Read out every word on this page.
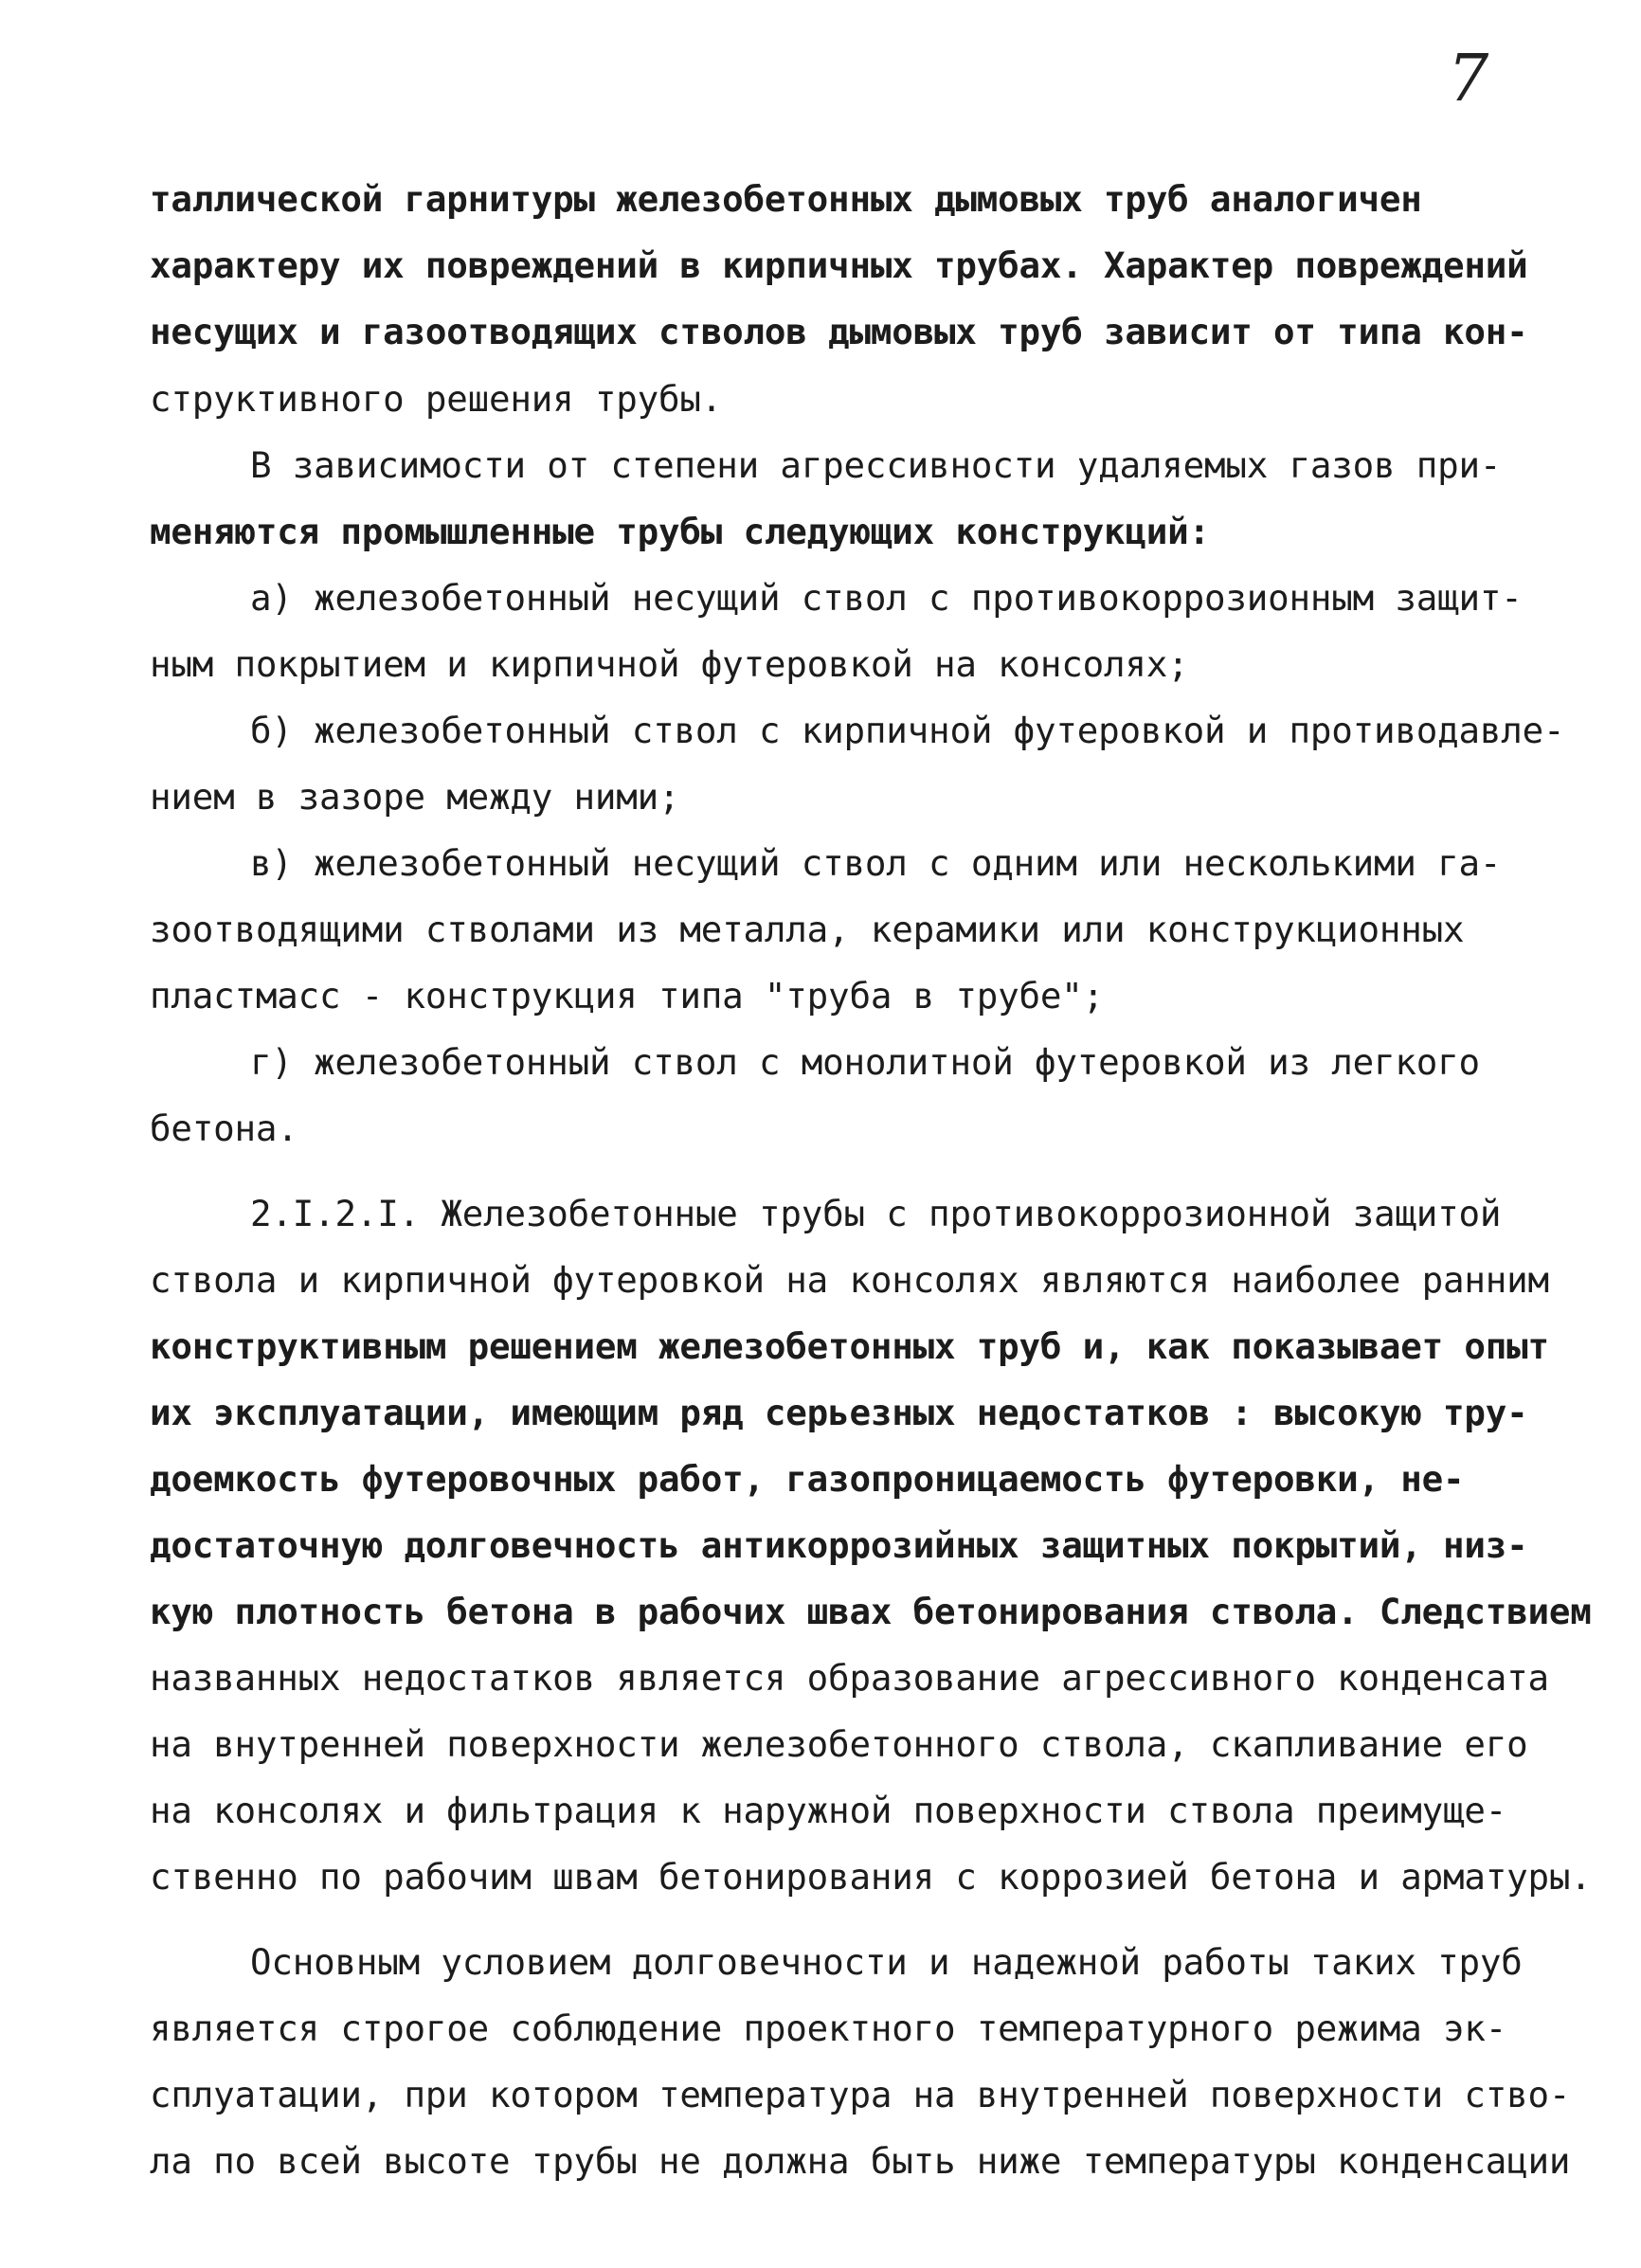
7
таллической гарнитуры железобетонных дымовых труб аналогичен
характеру их повреждений в кирпичных трубах. Характер повреждений
несущих и газоотводящих стволов дымовых труб зависит от типа кон-
структивного решения трубы.
В зависимости от степени агрессивности удаляемых газов при-
меняются промышленные трубы следующих конструкций:
а) железобетонный несущий ствол с противокоррозионным защит-
ным покрытием и кирпичной футеровкой на консолях;
б) железобетонный ствол с кирпичной футеровкой и противодавле-
нием в зазоре между ними;
в) железобетонный несущий ствол с одним или несколькими га-
зоотводящими стволами из металла, керамики или конструкционных
пластмасс - конструкция типа "труба в трубе";
г) железобетонный ствол с монолитной футеровкой из легкого
бетона.
2.I.2.I. Железобетонные трубы с противокоррозионной защитой
ствола и кирпичной футеровкой на консолях являются наиболее ранним
конструктивным решением железобетонных труб и, как показывает опыт
их эксплуатации, имеющим ряд серьезных недостатков : высокую тру-
доемкость футеровочных работ, газопроницаемость футеровки, не-
достаточную долговечность антикоррозийных защитных покрытий, низ-
кую плотность бетона в рабочих швах бетонирования ствола. Следствием
названных недостатков является образование агрессивного конденсата
на внутренней поверхности железобетонного ствола, скапливание его
на консолях и фильтрация к наружной поверхности ствола преимуще-
ственно по рабочим швам бетонирования с коррозией бетона и арматуры.
Основным условием долговечности и надежной работы таких труб
является строгое соблюдение проектного температурного режима эк-
сплуатации, при котором температура на внутренней поверхности ство-
ла по всей высоте трубы не должна быть ниже температуры конденсации
